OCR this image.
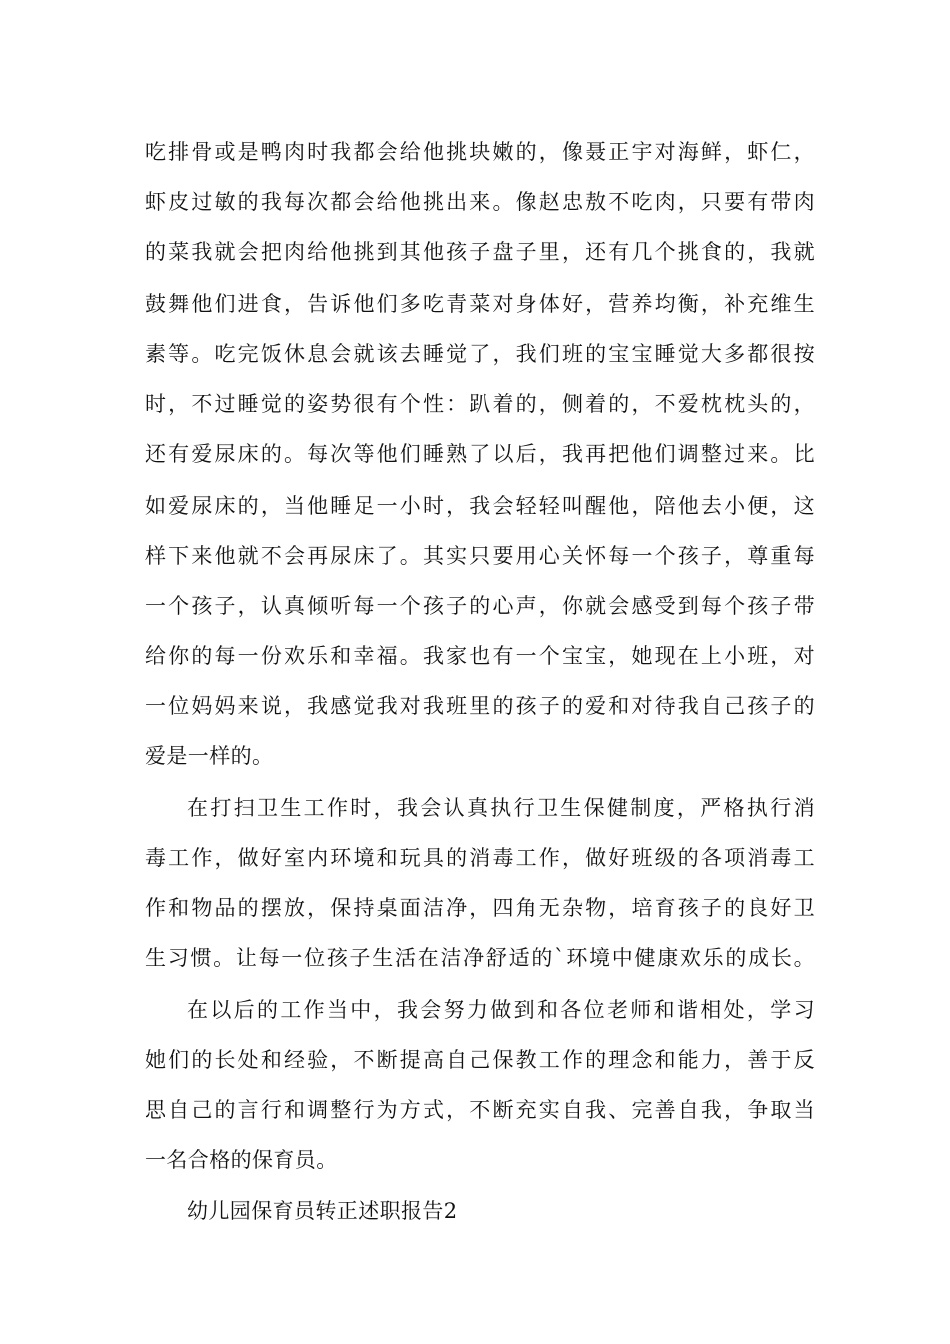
吃排骨或是鸭肉时我都会给他挑块嫩的，像聂正宇对海鲜，虾仁，
虾皮过敏的我每次都会给他挑出来。像赵忠敖不吃肉，只要有带肉
的菜我就会把肉给他挑到其他孩子盘子里，还有几个挑食的，我就
鼓舞他们进食，告诉他们多吃青菜对身体好，营养均衡，补充维生
素等。吃完饭休息会就该去睡觉了，我们班的宝宝睡觉大多都很按
时，不过睡觉的姿势很有个性：趴着的，侧着的，不爱枕枕头的，
还有爱尿床的。每次等他们睡熟了以后，我再把他们调整过来。比
如爱尿床的，当他睡足一小时，我会轻轻叫醒他，陪他去小便，这
样下来他就不会再尿床了。其实只要用心关怀每一个孩子，尊重每
一个孩子，认真倾听每一个孩子的心声，你就会感受到每个孩子带
给你的每一份欢乐和幸福。我家也有一个宝宝，她现在上小班，对
一位妈妈来说，我感觉我对我班里的孩子的爱和对待我自己孩子的
爱是一样的。
在打扫卫生工作时，我会认真执行卫生保健制度，严格执行消
毒工作，做好室内环境和玩具的消毒工作，做好班级的各项消毒工
作和物品的摆放，保持桌面洁净，四角无杂物，培育孩子的良好卫
生习惯。让每一位孩子生活在洁净舒适的`环境中健康欢乐的成长。
在以后的工作当中，我会努力做到和各位老师和谐相处，学习
她们的长处和经验，不断提高自己保教工作的理念和能力，善于反
思自己的言行和调整行为方式，不断充实自我、完善自我，争取当
一名合格的保育员。
幼儿园保育员转正述职报告2
